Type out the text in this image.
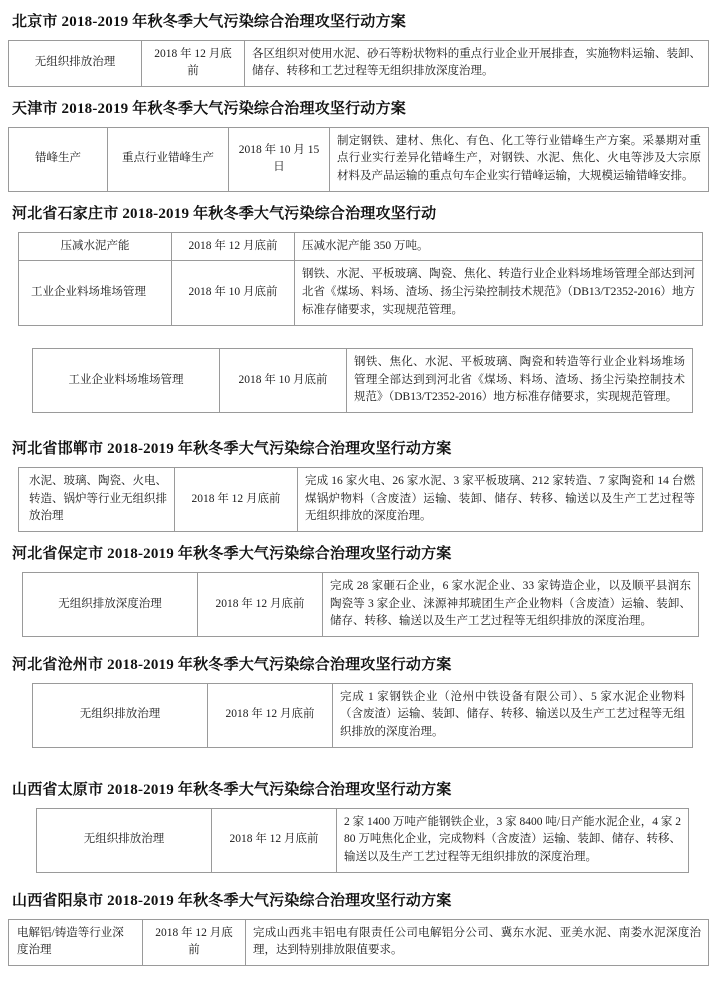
北京市 2018-2019 年秋冬季大气污染综合治理攻坚行动方案
无组织排放治理	2018 年 12 月底前	各区组织对使用水泥、砂石等粉状物料的重点行业企业开展排查，实施物料运输、装卸、储存、转移和工艺过程等无组织排放深度治理。
天津市 2018-2019 年秋冬季大气污染综合治理攻坚行动方案
错峰生产	重点行业错峰生产	2018 年 10 月 15 日	制定钢铁、建材、焦化、有色、化工等行业错峰生产方案。采暴期对重点行业实行差异化错峰生产，对钢铁、水泥、焦化、火电等涉及大宗原材料及产品运输的重点句车企业实行错峰运输，大规模运输错峰安排。
河北省石家庄市 2018-2019 年秋冬季大气污染综合治理攻坚行动
压减水泥产能	2018 年 12 月底前	压减水泥产能 350 万吨。
工业企业料场堆场管理	2018 年 10 月底前	钢铁、水泥、平板玻璃、陶瓷、焦化、转造行业企业料场堆场管理全部达到河北省《煤场、料场、渣场、扬尘污染控制技术规范》（DB13/T2352-2016）地方标准存储要求，实现规范管理。
工业企业料场堆场管理	2018 年 10 月底前	钢铁、焦化、水泥、平板玻璃、陶瓷和转造等行业企业料场堆场管理全部达到到河北省《煤场、料场、渣场、扬尘污染控制技术规范》（DB13/T2352-2016）地方标准存储要求，实现规范管理。
河北省邯郸市 2018-2019 年秋冬季大气污染综合治理攻坚行动方案
水泥、玻璃、陶瓷、火电、转造、锅炉等行业无组织排放治理	2018 年 12 月底前	完成 16 家火电、26 家水泥、3 家平板玻璃、212 家转造、7 家陶瓷和 14 台燃煤锅炉物料（含废渣）运输、装卸、储存、转移、输送以及生产工艺过程等无组织排放的深度治理。
河北省保定市 2018-2019 年秋冬季大气污染综合治理攻坚行动方案
无组织排放深度治理	2018 年 12 月底前	完成 28 家砸石企业，6 家水泥企业、33 家铸造企业，以及顺平县润东陶瓷等 3 家企业、涞源神邦琥团生产企业物料（含废渣）运输、装卸、储存、转移、输送以及生产工艺过程等无组织排放的深度治理。
河北省沧州市 2018-2019 年秋冬季大气污染综合治理攻坚行动方案
无组织排放治理	2018 年 12 月底前	完成 1 家钢铁企业（沧州中铁设备有限公司）、5 家水泥企业物料（含废渣）运输、装卸、储存、转移、输送以及生产工艺过程等无组织排放的深度治理。
山西省太原市 2018-2019 年秋冬季大气污染综合治理攻坚行动方案
无组织排放治理	2018 年 12 月底前	2 家 1400 万吨产能钢铁企业，3 家 8400 吨/日产能水泥企业，4 家 280 万吨焦化企业，完成物料（含废渣）运输、装卸、储存、转移、输送以及生产工艺过程等无组织排放的深度治理。
山西省阳泉市 2018-2019 年秋冬季大气污染综合治理攻坚行动方案
电解铝/铸造等行业深度治理	2018 年 12 月底前	完成山西兆丰铝电有限责任公司电解铝分公司、冀东水泥、亚美水泥、南娄水泥深度治理，达到特别排放限值要求。
